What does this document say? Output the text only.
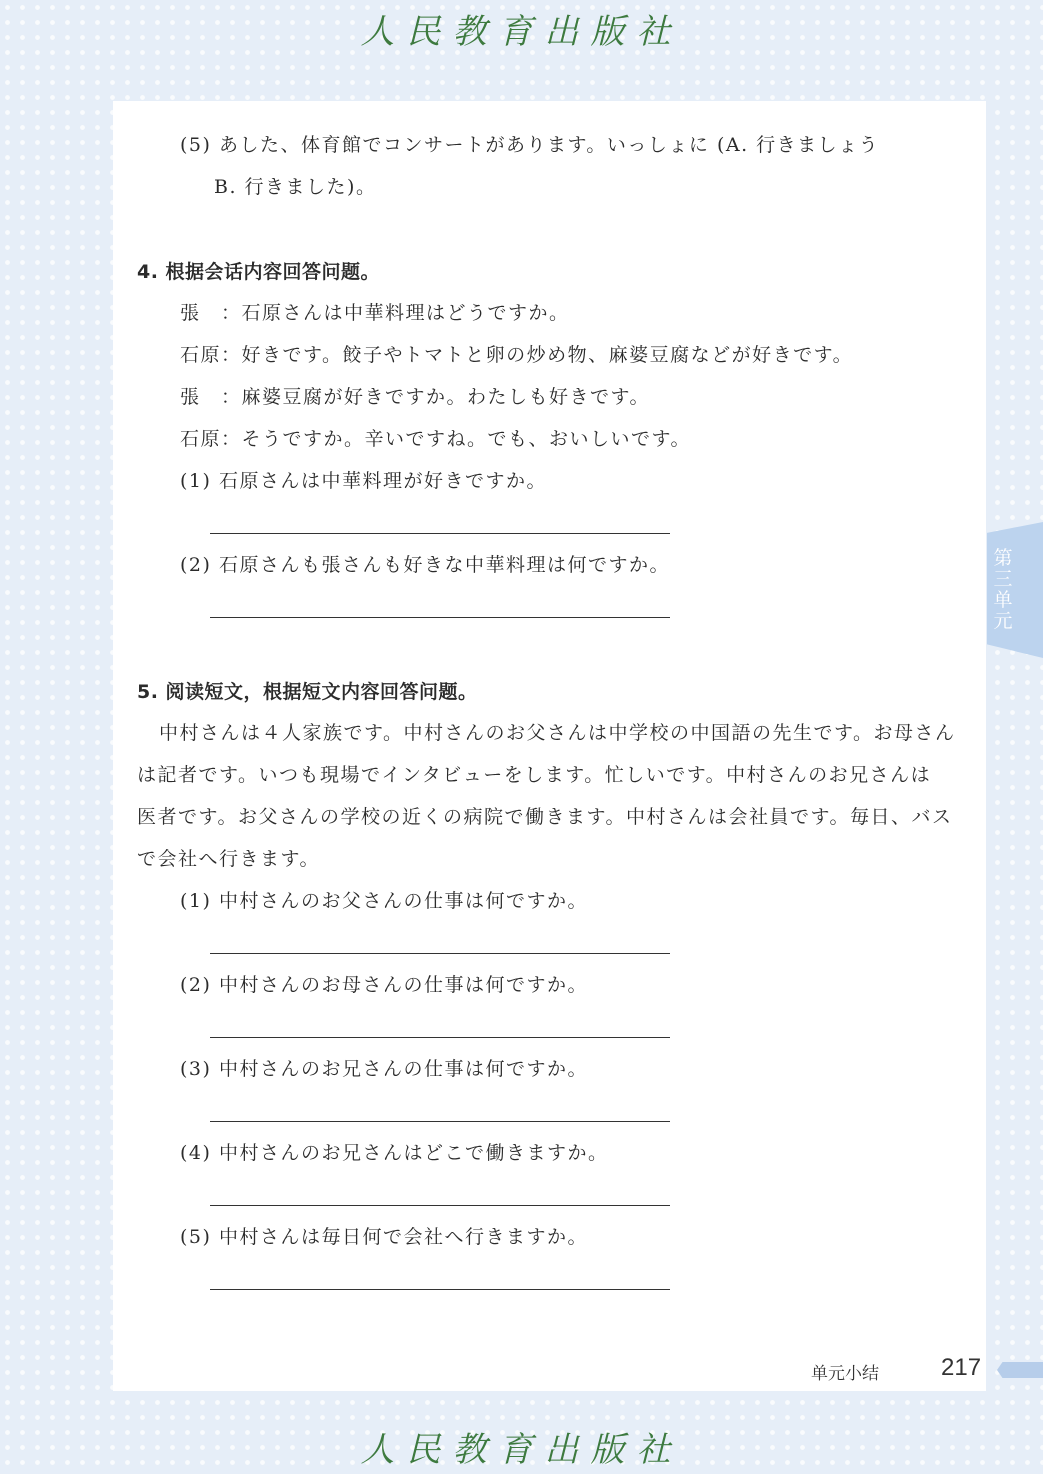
人民教育出版社
(5) あした、体育館でコンサートがあります。いっしょに (A. 行きましょう
B. 行きました)。
4. 根据会话内容回答问题。
張　：石原さんは中華料理はどうですか。
石原：好きです。餃子やトマトと卵の炒め物、麻婆豆腐などが好きです。
張　：麻婆豆腐が好きですか。わたしも好きです。
石原：そうですか。辛いですね。でも、おいしいです。
(1) 石原さんは中華料理が好きですか。
(2) 石原さんも張さんも好きな中華料理は何ですか。
5. 阅读短文，根据短文内容回答问题。
中村さんは４人家族です。中村さんのお父さんは中学校の中国語の先生です。お母さん
は記者です。いつも現場でインタビューをします。忙しいです。中村さんのお兄さんは
医者です。お父さんの学校の近くの病院で働きます。中村さんは会社員です。毎日、バス
で会社へ行きます。
(1) 中村さんのお父さんの仕事は何ですか。
(2) 中村さんのお母さんの仕事は何ですか。
(3) 中村さんのお兄さんの仕事は何ですか。
(4) 中村さんのお兄さんはどこで働きますか。
(5) 中村さんは毎日何で会社へ行きますか。
第三单元
单元小结	217
人民教育出版社
